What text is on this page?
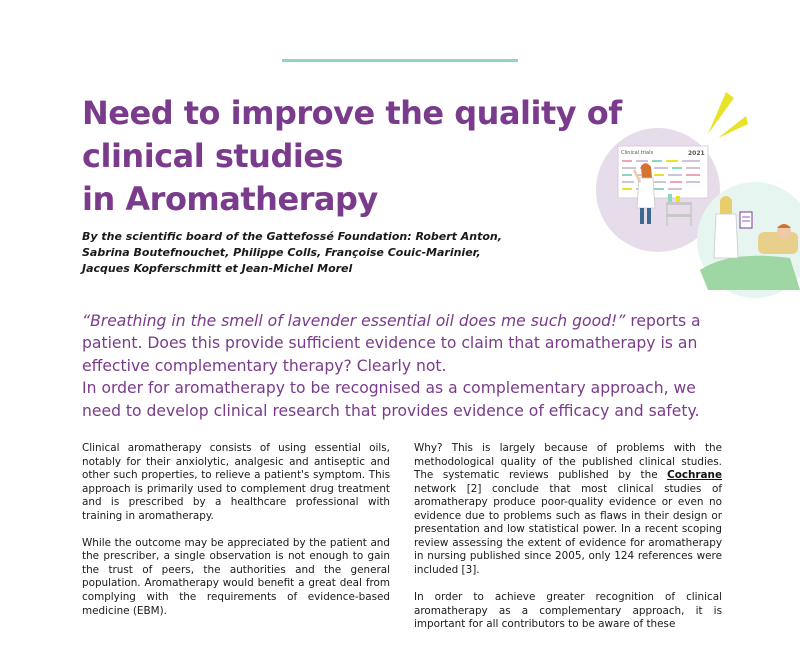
Need to improve the quality of
clinical studies
in Aromatherapy
By the scientific board of the Gattefossé Foundation: Robert Anton, Sabrina Boutefnouchet, Philippe Colls, Françoise Couic-Marinier, Jacques Kopferschmitt et Jean-Michel Morel
Clinical trials	2021

“Breathing in the smell of lavender essential oil does me such good!” reports a patient. Does this provide sufficient evidence to claim that aromatherapy is an effective complementary therapy? Clearly not.

In order for aromatherapy to be recognised as a complementary approach, we need to develop clinical research that provides evidence of efficacy and safety.

Clinical aromatherapy consists of using essential oils, notably for their anxiolytic, analgesic and antiseptic and other such properties, to relieve a patient's symptom. This approach is primarily used to complement drug treatment and is prescribed by a healthcare professional with training in aromatherapy.

While the outcome may be appreciated by the patient and the prescriber, a single observation is not enough to gain the trust of peers, the authorities and the general population. Aromatherapy would benefit a great deal from complying with the requirements of evidence-based medicine (EBM).

Why? This is largely because of problems with the methodological quality of the published clinical studies. The systematic reviews published by the Cochrane network [2] conclude that most clinical studies of aromatherapy produce poor-quality evidence or even no evidence due to problems such as flaws in their design or presentation and low statistical power. In a recent scoping review assessing the extent of evidence for aromatherapy in nursing published since 2005, only 124 references were included [3].

In order to achieve greater recognition of clinical aromatherapy as a complementary approach, it is important for all contributors to be aware of these
